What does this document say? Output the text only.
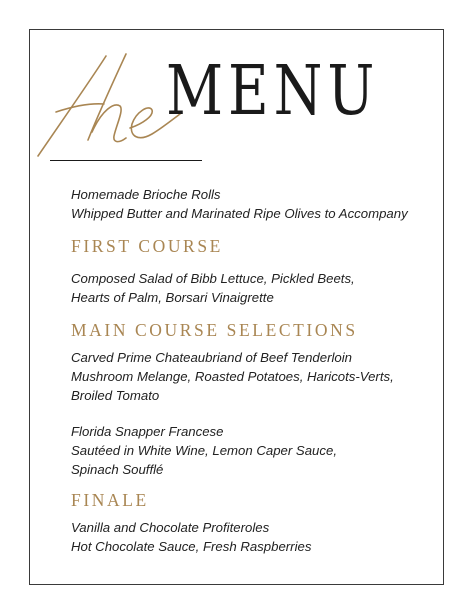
MENU

Homemade Brioche Rolls

Whipped Butter and Marinated Ripe Olives to Accompany

FIRST COURSE

Composed Salad of Bibb Lettuce, Pickled Beets,

Hearts of Palm, Borsari Vinaigrette

MAIN COURSE SELECTIONS

Carved Prime Chateaubriand of Beef Tenderloin

Mushroom Melange, Roasted Potatoes, Haricots-Verts,

Broiled Tomato

Florida Snapper Francese

Sautéed in White Wine, Lemon Caper Sauce,

Spinach Soufflé

FINALE

Vanilla and Chocolate Profiteroles

Hot Chocolate Sauce, Fresh Raspberries
